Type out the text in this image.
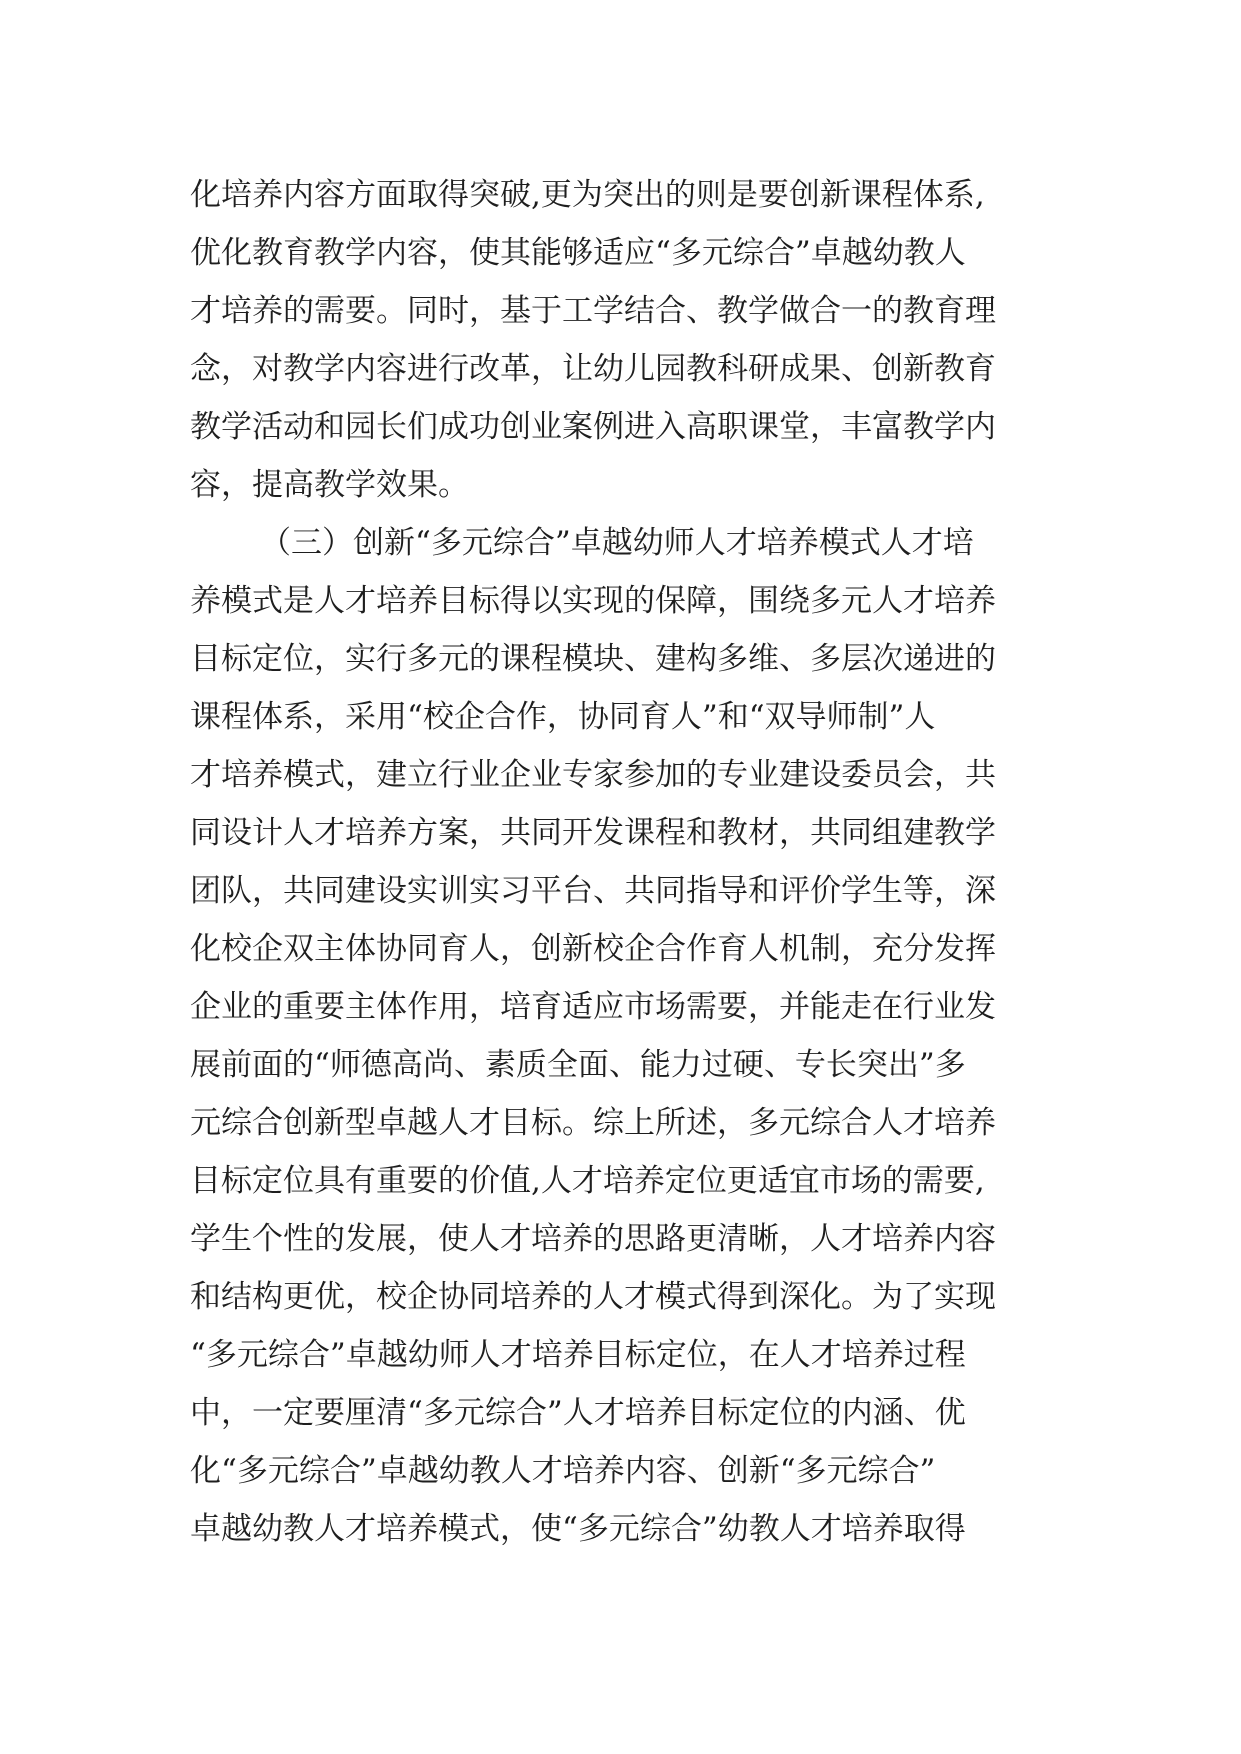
化培养内容方面取得突破,更为突出的则是要创新课程体系,
优化教育教学内容，使其能够适应“多元综合”卓越幼教人
才培养的需要。同时，基于工学结合、教学做合一的教育理
念，对教学内容进行改革，让幼儿园教科研成果、创新教育
教学活动和园长们成功创业案例进入高职课堂，丰富教学内
容，提高教学效果。
（三）创新“多元综合”卓越幼师人才培养模式人才培
养模式是人才培养目标得以实现的保障，围绕多元人才培养
目标定位，实行多元的课程模块、建构多维、多层次递进的
课程体系，采用“校企合作，协同育人”和“双导师制”人
才培养模式，建立行业企业专家参加的专业建设委员会，共
同设计人才培养方案，共同开发课程和教材，共同组建教学
团队，共同建设实训实习平台、共同指导和评价学生等，深
化校企双主体协同育人，创新校企合作育人机制，充分发挥
企业的重要主体作用，培育适应市场需要，并能走在行业发
展前面的“师德高尚、素质全面、能力过硬、专长突出”多
元综合创新型卓越人才目标。综上所述，多元综合人才培养
目标定位具有重要的价值,人才培养定位更适宜市场的需要,
学生个性的发展，使人才培养的思路更清晰，人才培养内容
和结构更优，校企协同培养的人才模式得到深化。为了实现
“多元综合”卓越幼师人才培养目标定位，在人才培养过程
中，一定要厘清“多元综合”人才培养目标定位的内涵、优
化“多元综合”卓越幼教人才培养内容、创新“多元综合”
卓越幼教人才培养模式，使“多元综合”幼教人才培养取得
